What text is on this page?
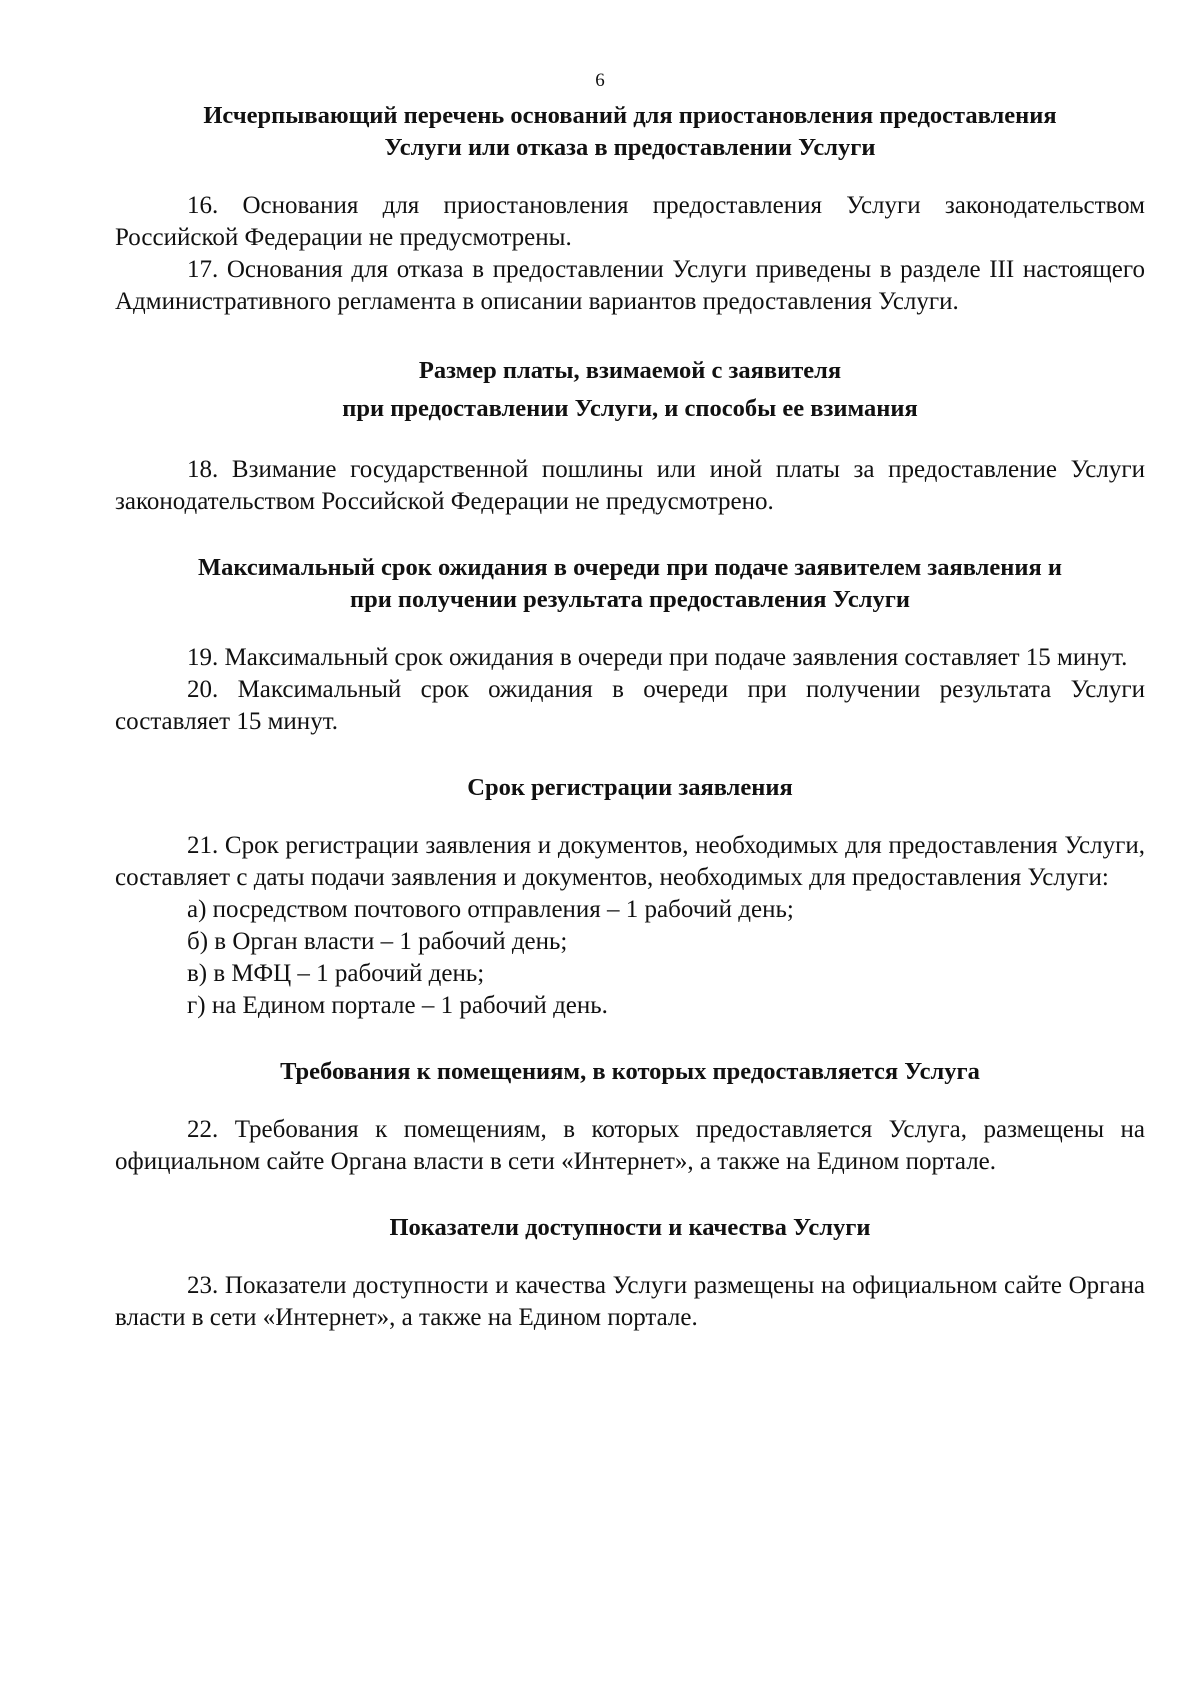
6

Исчерпывающий перечень оснований для приостановления предоставления
Услуги или отказа в предоставлении Услуги

16. Основания для приостановления предоставления Услуги законодательством Российской Федерации не предусмотрены.

17. Основания для отказа в предоставлении Услуги приведены в разделе III настоящего Административного регламента в описании вариантов предоставления Услуги.

Размер платы, взимаемой с заявителя
при предоставлении Услуги, и способы ее взимания

18. Взимание государственной пошлины или иной платы за предоставление Услуги законодательством Российской Федерации не предусмотрено.

Максимальный срок ожидания в очереди при подаче заявителем заявления и
при получении результата предоставления Услуги

19. Максимальный срок ожидания в очереди при подаче заявления составляет 15 минут.

20. Максимальный срок ожидания в очереди при получении результата Услуги составляет 15 минут.

Срок регистрации заявления

21. Срок регистрации заявления и документов, необходимых для предоставления Услуги, составляет с даты подачи заявления и документов, необходимых для предоставления Услуги:

а) посредством почтового отправления – 1 рабочий день;

б) в Орган власти – 1 рабочий день;

в) в МФЦ – 1 рабочий день;

г) на Едином портале – 1 рабочий день.

Требования к помещениям, в которых предоставляется Услуга

22. Требования к помещениям, в которых предоставляется Услуга, размещены на официальном сайте Органа власти в сети «Интернет», а также на Едином портале.

Показатели доступности и качества Услуги

23. Показатели доступности и качества Услуги размещены на официальном сайте Органа власти в сети «Интернет», а также на Едином портале.
